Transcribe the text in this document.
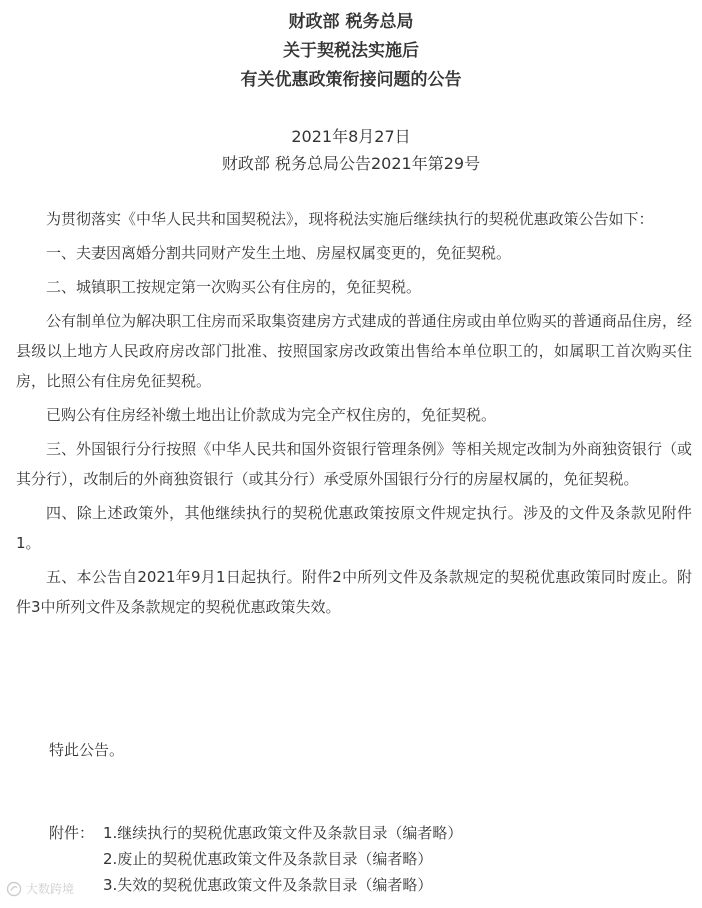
财政部 税务总局
关于契税法实施后
有关优惠政策衔接问题的公告
2021年8月27日
财政部 税务总局公告2021年第29号

为贯彻落实《中华人民共和国契税法》，现将税法实施后继续执行的契税优惠政策公告如下：

一、夫妻因离婚分割共同财产发生土地、房屋权属变更的，免征契税。

二、城镇职工按规定第一次购买公有住房的，免征契税。

公有制单位为解决职工住房而采取集资建房方式建成的普通住房或由单位购买的普通商品住房，经县级以上地方人民政府房改部门批准、按照国家房改政策出售给本单位职工的，如属职工首次购买住房，比照公有住房免征契税。

已购公有住房经补缴土地出让价款成为完全产权住房的，免征契税。

三、外国银行分行按照《中华人民共和国外资银行管理条例》等相关规定改制为外商独资银行（或其分行），改制后的外商独资银行（或其分行）承受原外国银行分行的房屋权属的，免征契税。

四、除上述政策外，其他继续执行的契税优惠政策按原文件规定执行。涉及的文件及条款见附件1。

五、本公告自2021年9月1日起执行。附件2中所列文件及条款规定的契税优惠政策同时废止。附件3中所列文件及条款规定的契税优惠政策失效。

特此公告。
附件： 1.继续执行的契税优惠政策文件及条款目录（编者略）
2.废止的契税优惠政策文件及条款目录（编者略）
3.失效的契税优惠政策文件及条款目录（编者略）
大数跨境
